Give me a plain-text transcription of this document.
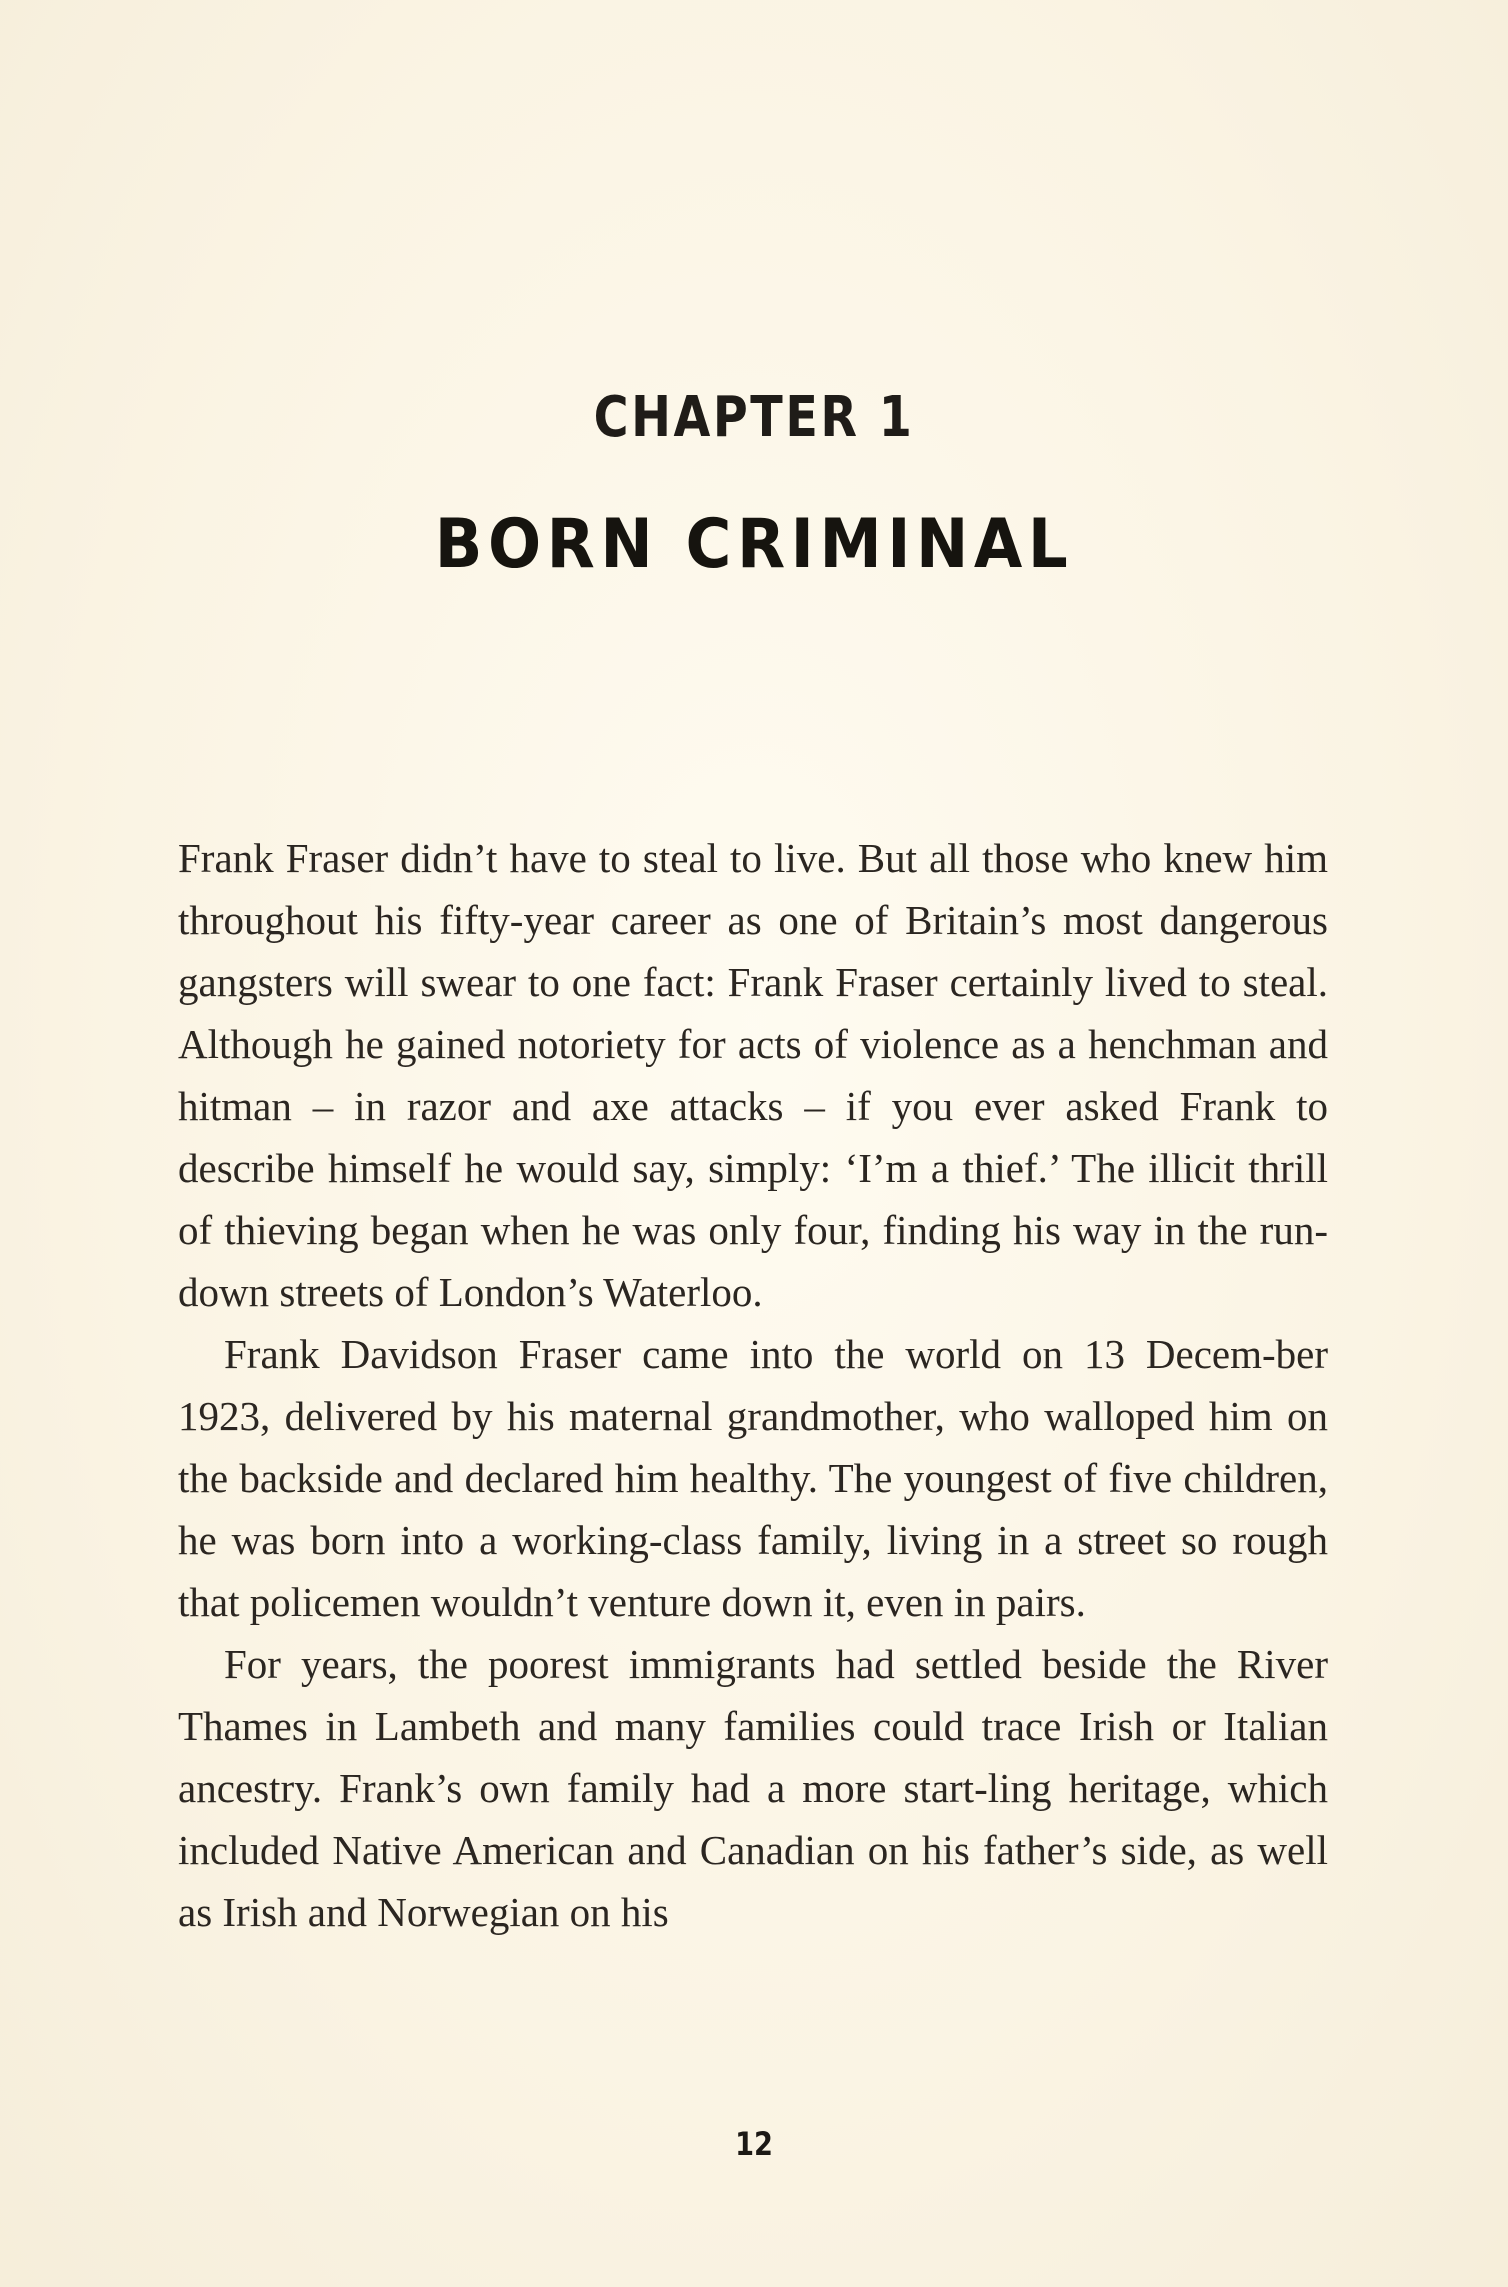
CHAPTER 1
BORN CRIMINAL

Frank Fraser didn’t have to steal to live. But all those who knew him throughout his fifty-year career as one of Britain’s most dangerous gangsters will swear to one fact: Frank Fraser certainly lived to steal. Although he gained notoriety for acts of violence as a henchman and hitman – in razor and axe attacks – if you ever asked Frank to describe himself he would say, simply: ‘I’m a thief.’ The illicit thrill of thieving began when he was only four, finding his way in the run-down streets of London’s Waterloo.

Frank Davidson Fraser came into the world on 13 Decem-ber 1923, delivered by his maternal grandmother, who walloped him on the backside and declared him healthy. The youngest of five children, he was born into a working-class family, living in a street so rough that policemen wouldn’t venture down it, even in pairs.

For years, the poorest immigrants had settled beside the River Thames in Lambeth and many families could trace Irish or Italian ancestry. Frank’s own family had a more start-ling heritage, which included Native American and Canadian on his father’s side, as well as Irish and Norwegian on his

12
